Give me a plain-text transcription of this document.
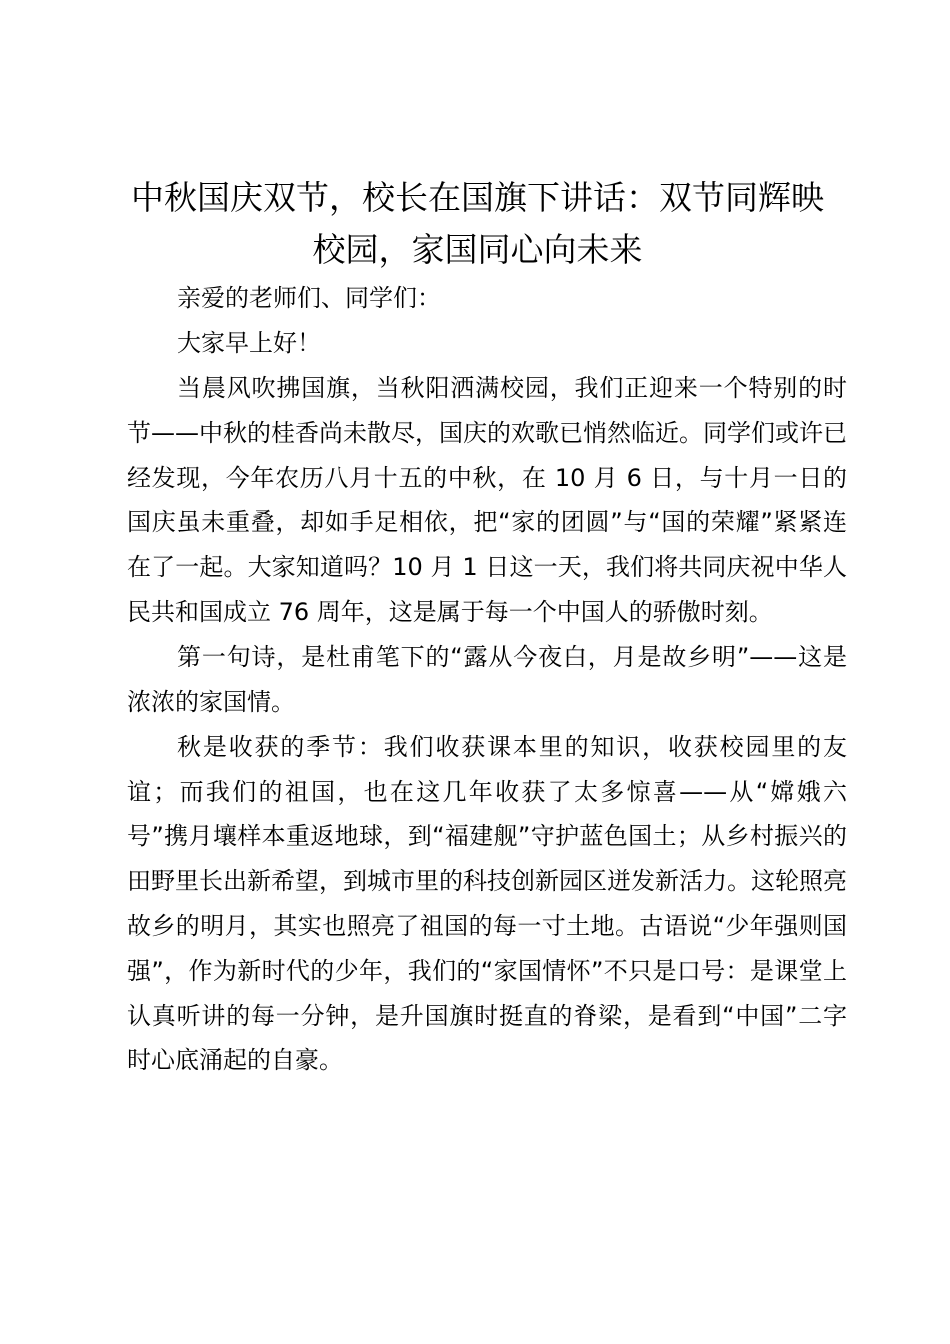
中秋国庆双节，校长在国旗下讲话：双节同辉映校园，家国同心向未来

亲爱的老师们、同学们：

大家早上好！

当晨风吹拂国旗，当秋阳洒满校园，我们正迎来一个特别的时节——中秋的桂香尚未散尽，国庆的欢歌已悄然临近。同学们或许已经发现，今年农历八月十五的中秋，在 10 月 6 日，与十月一日的国庆虽未重叠，却如手足相依，把“家的团圆”与“国的荣耀”紧紧连在了一起。大家知道吗？10 月 1 日这一天，我们将共同庆祝中华人民共和国成立 76 周年，这是属于每一个中国人的骄傲时刻。

第一句诗，是杜甫笔下的“露从今夜白，月是故乡明”——这是浓浓的家国情。

秋是收获的季节：我们收获课本里的知识，收获校园里的友谊；而我们的祖国，也在这几年收获了太多惊喜——从“嫦娥六号”携月壤样本重返地球，到“福建舰”守护蓝色国土；从乡村振兴的田野里长出新希望，到城市里的科技创新园区迸发新活力。这轮照亮故乡的明月，其实也照亮了祖国的每一寸土地。古语说“少年强则国强”，作为新时代的少年，我们的“家国情怀”不只是口号：是课堂上认真听讲的每一分钟，是升国旗时挺直的脊梁，是看到“中国”二字时心底涌起的自豪。
